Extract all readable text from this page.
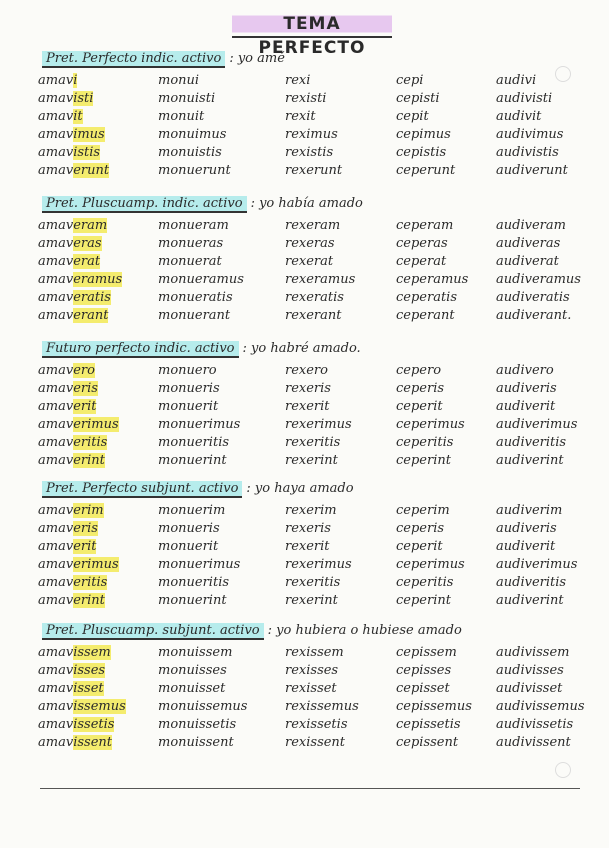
TEMA PERFECTO
Pret. Perfecto indic. activo : yo amé
amavi
amavisti
amavit
amavimus
amavistis
amaverunt
monui
monuisti
monuit
monuimus
monuistis
monuerunt
rexi
rexisti
rexit
reximus
rexistis
rexerunt
cepi
cepisti
cepit
cepimus
cepistis
ceperunt
audivi
audivisti
audivit
audivimus
audivistis
audiverunt
Pret. Pluscuamp. indic. activo : yo había amado
amaveram
amaveras
amaverat
amaveramus
amaveratis
amaverant
monueram
monueras
monuerat
monueramus
monueratis
monuerant
rexeram
rexeras
rexerat
rexeramus
rexeratis
rexerant
ceperam
ceperas
ceperat
ceperamus
ceperatis
ceperant
audiveram
audiveras
audiverat
audiveramus
audiveratis
audiverant.
Futuro perfecto indic. activo : yo habré amado.
amavero
amaveris
amaverit
amaverimus
amaveritis
amaverint
monuero
monueris
monuerit
monuerimus
monueritis
monuerint
rexero
rexeris
rexerit
rexerimus
rexeritis
rexerint
cepero
ceperis
ceperit
ceperimus
ceperitis
ceperint
audivero
audiveris
audiverit
audiverimus
audiveritis
audiverint
Pret. Perfecto subjunt. activo : yo haya amado
amaverim
amaveris
amaverit
amaverimus
amaveritis
amaverint
monuerim
monueris
monuerit
monuerimus
monueritis
monuerint
rexerim
rexeris
rexerit
rexerimus
rexeritis
rexerint
ceperim
ceperis
ceperit
ceperimus
ceperitis
ceperint
audiverim
audiveris
audiverit
audiverimus
audiveritis
audiverint
Pret. Pluscuamp. subjunt. activo : yo hubiera o hubiese amado
amavissem
amavisses
amavisset
amavissemus
amavissetis
amavissent
monuissem
monuisses
monuisset
monuissemus
monuissetis
monuissent
rexissem
rexisses
rexisset
rexissemus
rexissetis
rexissent
cepissem
cepisses
cepisset
cepissemus
cepissetis
cepissent
audivissem
audivisses
audivisset
audivissemus
audivissetis
audivissent
